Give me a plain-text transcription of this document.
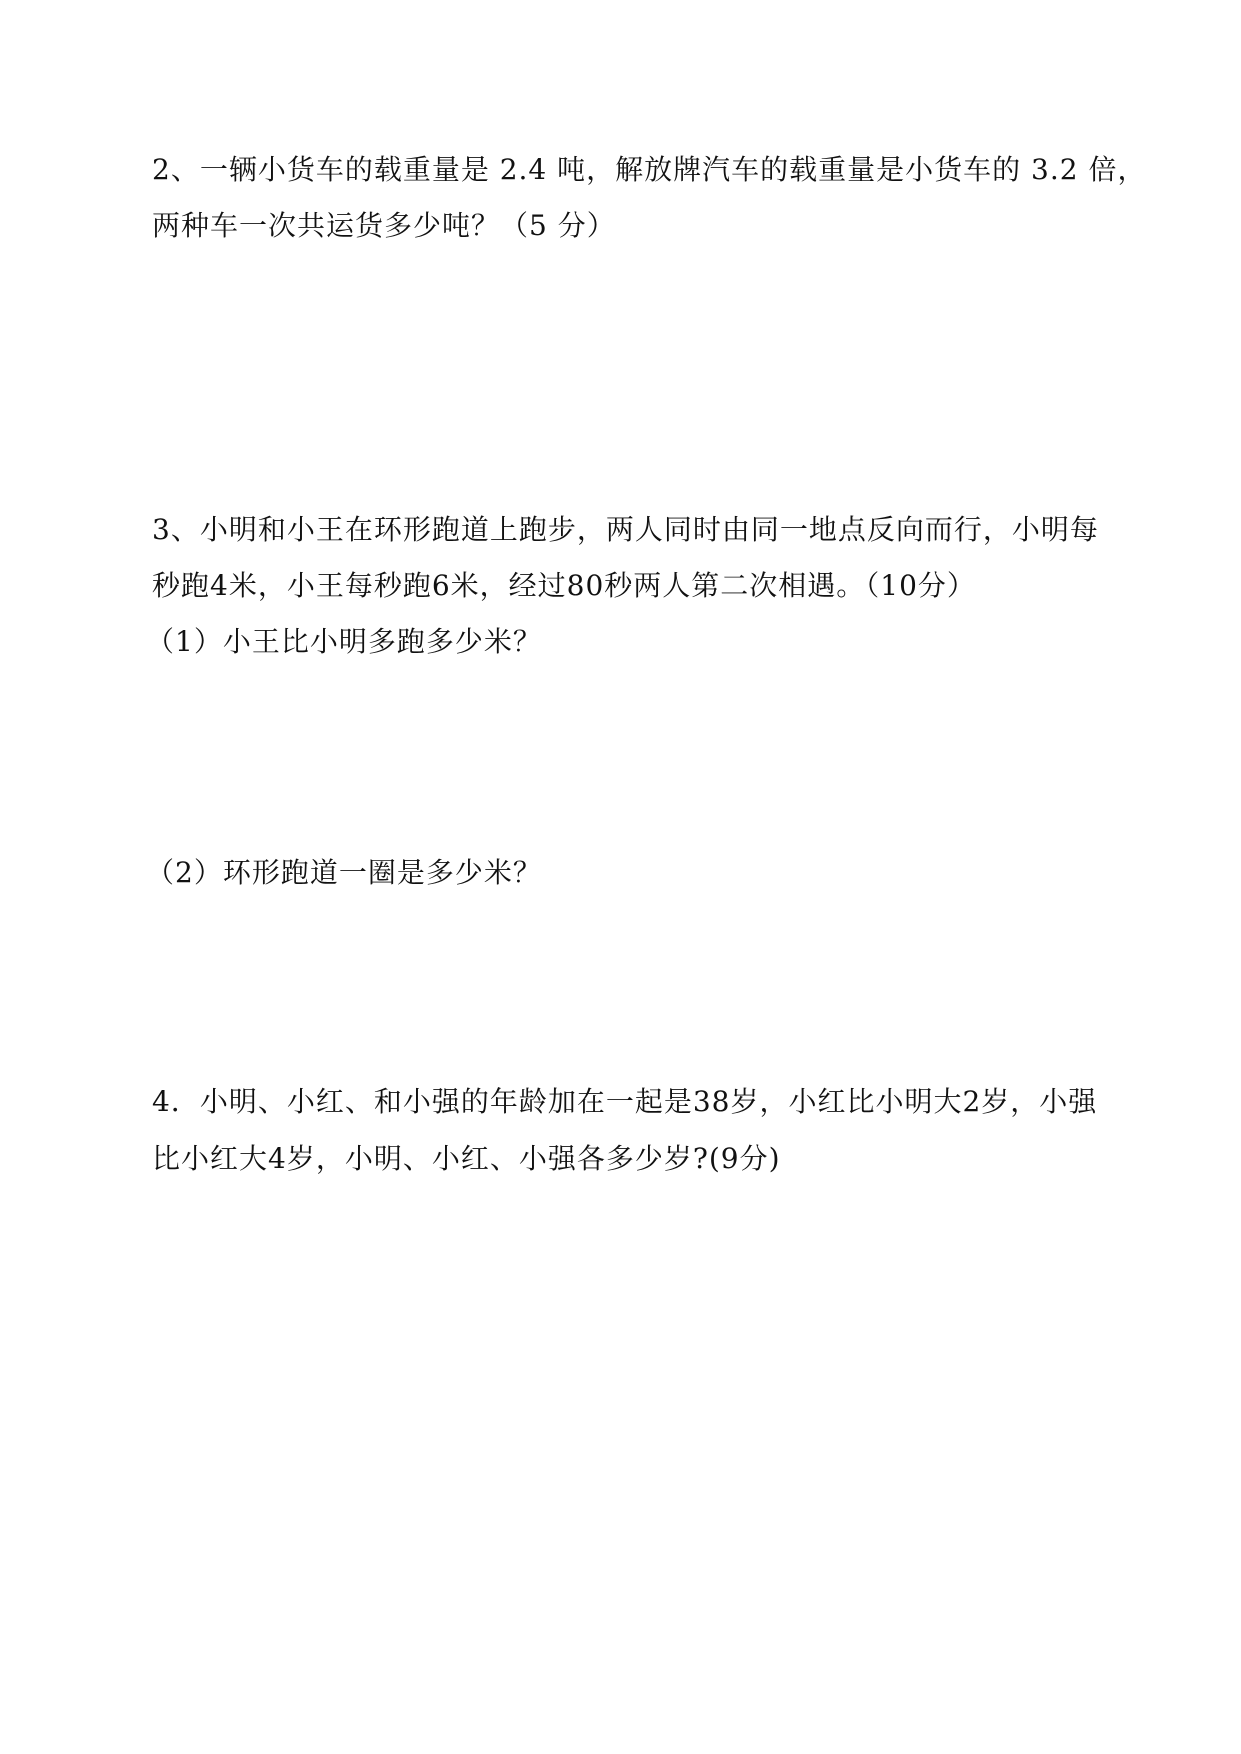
2、一辆小货车的载重量是 2.4 吨，解放牌汽车的载重量是小货车的 3.2 倍，
两种车一次共运货多少吨？（5 分）
3、小明和小王在环形跑道上跑步，两人同时由同一地点反向而行，小明每
秒跑4米，小王每秒跑6米，经过80秒两人第二次相遇。（10分）
（1）小王比小明多跑多少米？
（2）环形跑道一圈是多少米？
4．小明、小红、和小强的年龄加在一起是38岁，小红比小明大2岁，小强
比小红大4岁，小明、小红、小强各多少岁?(9分)
